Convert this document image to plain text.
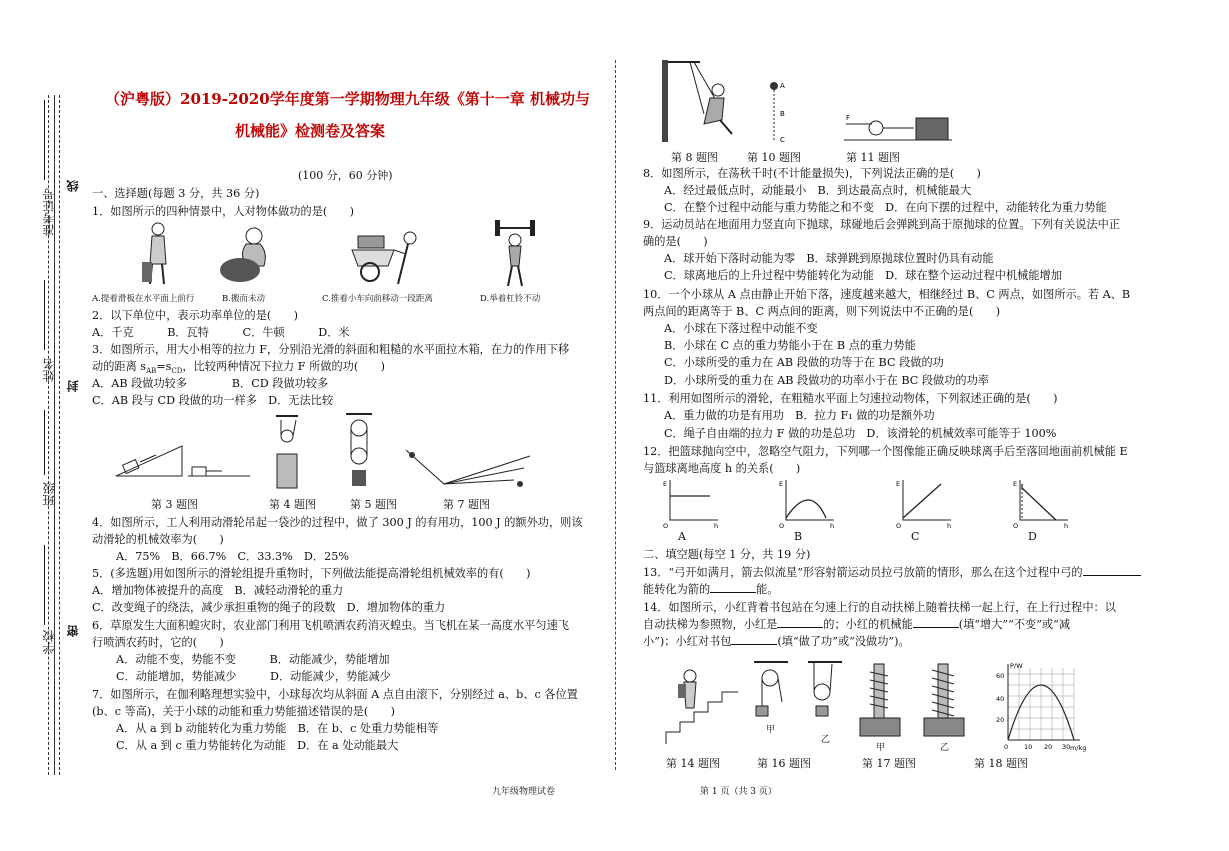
准考证号
姓名
班级
学校
线
封
密
（沪粤版）2019-2020学年度第一学期物理九年级《第十一章 机械功与
机械能》检测卷及答案
(100 分，60 分钟)
一、选择题(每题 3 分，共 36 分)
1．如图所示的四种情景中，人对物体做功的是(　　)
A.提着滑板在水平面上前行	B.搬而未动	C.推着小车向前移动一段距离	D.举着杠铃不动
2．以下单位中，表示功率单位的是(　　)
A．千克　　　B．瓦特　　　C．牛顿　　　D．米
3．如图所示，用大小相等的拉力 F，分别沿光滑的斜面和粗糙的水平面拉木箱，在力的作用下移
动的距离 $s_{AB}=s_{CD}$，比较两种情况下拉力 F 所做的功(　　)
A．AB 段做功较多　　　　B．CD 段做功较多
C．AB 段与 CD 段做的功一样多　D．无法比较
第 3 题图	第 4 题图	第 5 题图	第 7 题图
4．如图所示，工人利用动滑轮吊起一袋沙的过程中，做了 300 J 的有用功，100 J 的额外功，则该
动滑轮的机械效率为(　　)
A．75%　B．66.7%　C．33.3%　D．25%
5．(多选题)用如图所示的滑轮组提升重物时，下列做法能提高滑轮组机械效率的有(　　)
A．增加物体被提升的高度　B．减轻动滑轮的重力
C．改变绳子的绕法，减少承担重物的绳子的段数　D．增加物体的重力
6．草原发生大面积蝗灾时，农业部门利用飞机喷洒农药消灭蝗虫。当飞机在某一高度水平匀速飞
行喷洒农药时，它的(　　)
A．动能不变，势能不变　　　B．动能减少，势能增加
C．动能增加，势能减少　　　D．动能减少，势能减少
7．如图所示，在伽利略理想实验中，小球每次均从斜面 A 点自由滚下，分别经过 a、b、c 各位置
(b、c 等高)，关于小球的动能和重力势能描述错误的是(　　)
A．从 a 到 b 动能转化为重力势能　B．在 b、c 处重力势能相等
C．从 a 到 c 重力势能转化为动能　D．在 a 处动能最大
A
B
C
F
第 8 题图	第 10 题图	第 11 题图
8．如图所示，在荡秋千时(不计能量损失)，下列说法正确的是(　　)
A．经过最低点时，动能最小　B．到达最高点时，机械能最大
C．在整个过程中动能与重力势能之和不变　D．在向下摆的过程中，动能转化为重力势能
9．运动员站在地面用力竖直向下抛球，球碰地后会弹跳到高于原抛球的位置。下列有关说法中正
确的是(　　)
A．球开始下落时动能为零　B．球弹跳到原抛球位置时仍具有动能
C．球离地后的上升过程中势能转化为动能　D．球在整个运动过程中机械能增加
10．一个小球从 A 点由静止开始下落，速度越来越大，相继经过 B、C 两点，如图所示。若 A、B
两点间的距离等于 B、C 两点间的距离，则下列说法中不正确的是(　　)
A．小球在下落过程中动能不变
B．小球在 C 点的重力势能小于在 B 点的重力势能
C．小球所受的重力在 AB 段做的功等于在 BC 段做的功
D．小球所受的重力在 AB 段做功的功率小于在 BC 段做功的功率
11．利用如图所示的滑轮，在粗糙水平面上匀速拉动物体，下列叙述正确的是(　　)
A．重力做的功是有用功　B．拉力 F₁ 做的功是额外功
C．绳子自由端的拉力 F 做的功是总功　D．该滑轮的机械效率可能等于 100%
12．把篮球抛向空中，忽略空气阻力，下列哪一个图像能正确反映球离手后至落回地面前机械能 E
与篮球离地高度 h 的关系(　　)
E
h
O
A
E
h
O
B
E
h
O
C
E
h
O
D
二、填空题(每空 1 分，共 19 分)
13．“弓开如满月，箭去似流星”形容射箭运动员拉弓放箭的情形，那么在这个过程中弓的
能转化为箭的	能。
14．如图所示，小红背着书包站在匀速上行的自动扶梯上随着扶梯一起上行，在上行过程中：以
自动扶梯为参照物，小红是	的；小红的机械能	(填“增大”“不变”或“减
小”)；小红对书包	(填“做了功”或“没做功”)。
甲
乙
甲	乙
P/W
m/kg
60
40
20
0 10 20 30
第 14 题图	第 16 题图	第 17 题图	第 18 题图
九年级物理试卷	第 1 页（共 3 页）
